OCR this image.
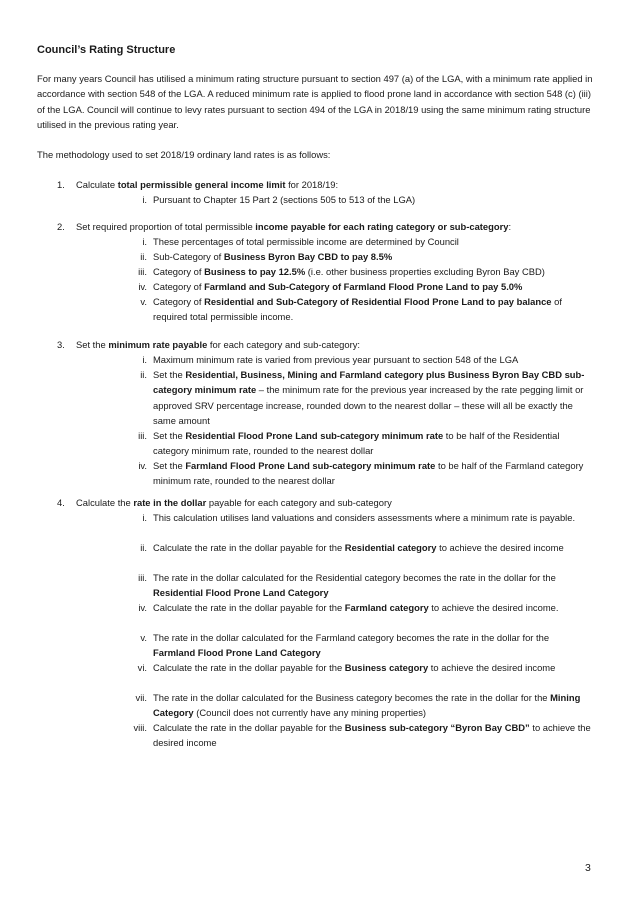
Council’s Rating Structure

For many years Council has utilised a minimum rating structure pursuant to section 497 (a) of the LGA, with a minimum rate applied in accordance with section 548 of the LGA. A reduced minimum rate is applied to flood prone land in accordance with section 548 (c) (iii) of the LGA. Council will continue to levy rates pursuant to section 494 of the LGA in 2018/19 using the same minimum rating structure utilised in the previous rating year.

The methodology used to set 2018/19 ordinary land rates is as follows:

1. Calculate total permissible general income limit for 2018/19:
i. Pursuant to Chapter 15 Part 2 (sections 505 to 513 of the LGA)
2. Set required proportion of total permissible income payable for each rating category or sub-category:
i. These percentages of total permissible income are determined by Council
ii. Sub-Category of Business Byron Bay CBD to pay 8.5%
iii. Category of Business to pay 12.5% (i.e. other business properties excluding Byron Bay CBD)
iv. Category of Farmland and Sub-Category of Farmland Flood Prone Land to pay 5.0%
v. Category of Residential and Sub-Category of Residential Flood Prone Land to pay balance of required total permissible income.
3. Set the minimum rate payable for each category and sub-category:
i. Maximum minimum rate is varied from previous year pursuant to section 548 of the LGA
ii. Set the Residential, Business, Mining and Farmland category plus Business Byron Bay CBD sub-category minimum rate – the minimum rate for the previous year increased by the rate pegging limit or approved SRV percentage increase, rounded down to the nearest dollar – these will all be exactly the same amount
iii. Set the Residential Flood Prone Land sub-category minimum rate to be half of the Residential category minimum rate, rounded to the nearest dollar
iv. Set the Farmland Flood Prone Land sub-category minimum rate to be half of the Farmland category minimum rate, rounded to the nearest dollar
4. Calculate the rate in the dollar payable for each category and sub-category
i. This calculation utilises land valuations and considers assessments where a minimum rate is payable.
ii. Calculate the rate in the dollar payable for the Residential category to achieve the desired income
iii. The rate in the dollar calculated for the Residential category becomes the rate in the dollar for the Residential Flood Prone Land Category
iv. Calculate the rate in the dollar payable for the Farmland category to achieve the desired income.
v. The rate in the dollar calculated for the Farmland category becomes the rate in the dollar for the Farmland Flood Prone Land Category
vi. Calculate the rate in the dollar payable for the Business category to achieve the desired income
vii. The rate in the dollar calculated for the Business category becomes the rate in the dollar for the Mining Category (Council does not currently have any mining properties)
viii. Calculate the rate in the dollar payable for the Business sub-category “Byron Bay CBD” to achieve the desired income
3
